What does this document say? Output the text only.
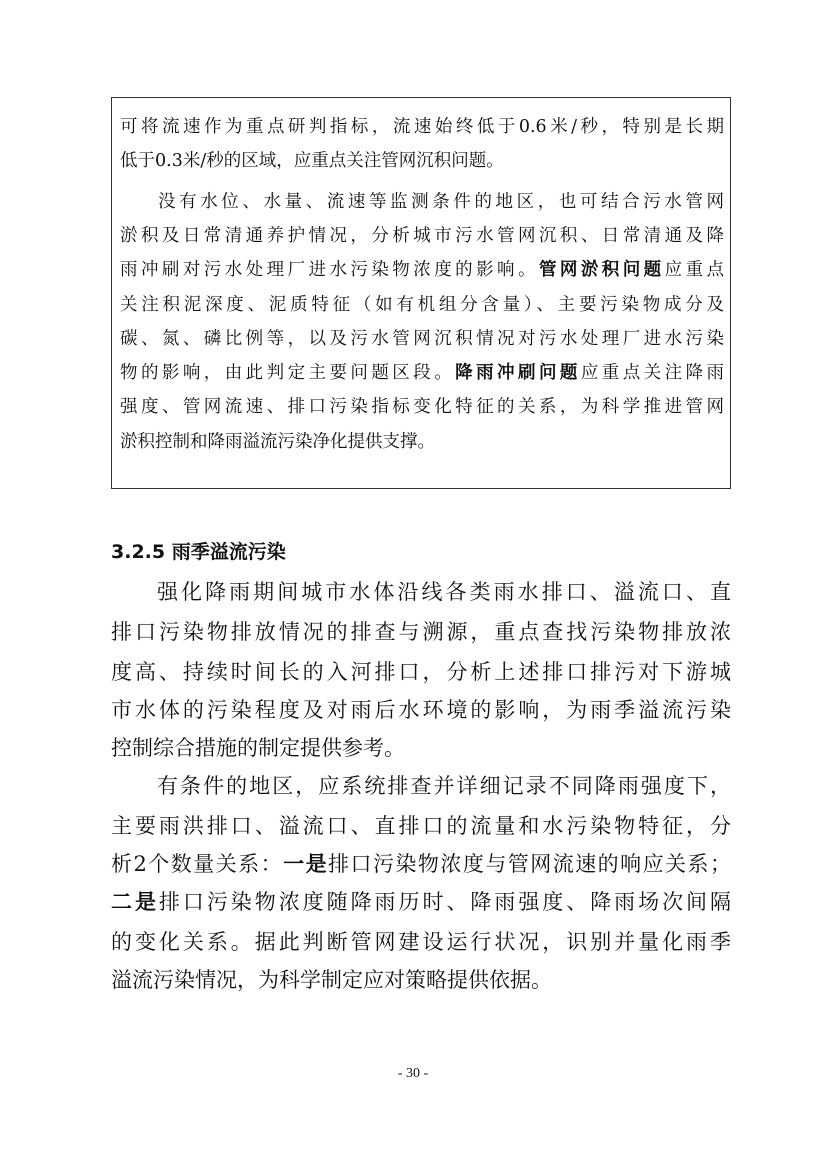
可将流速作为重点研判指标，流速始终低于0.6米/秒，特别是长期
低于0.3米/秒的区域，应重点关注管网沉积问题。
没有水位、水量、流速等监测条件的地区，也可结合污水管网
淤积及日常清通养护情况，分析城市污水管网沉积、日常清通及降
雨冲刷对污水处理厂进水污染物浓度的影响。管网淤积问题应重点
关注积泥深度、泥质特征（如有机组分含量）、主要污染物成分及
碳、氮、磷比例等，以及污水管网沉积情况对污水处理厂进水污染
物的影响，由此判定主要问题区段。降雨冲刷问题应重点关注降雨
强度、管网流速、排口污染指标变化特征的关系，为科学推进管网
淤积控制和降雨溢流污染净化提供支撑。
3.2.5 雨季溢流污染
强化降雨期间城市水体沿线各类雨水排口、溢流口、直
排口污染物排放情况的排查与溯源，重点查找污染物排放浓
度高、持续时间长的入河排口，分析上述排口排污对下游城
市水体的污染程度及对雨后水环境的影响，为雨季溢流污染
控制综合措施的制定提供参考。
有条件的地区，应系统排查并详细记录不同降雨强度下，
主要雨洪排口、溢流口、直排口的流量和水污染物特征，分
析2个数量关系：一是排口污染物浓度与管网流速的响应关系；
二是排口污染物浓度随降雨历时、降雨强度、降雨场次间隔
的变化关系。据此判断管网建设运行状况，识别并量化雨季
溢流污染情况，为科学制定应对策略提供依据。
- 30 -
